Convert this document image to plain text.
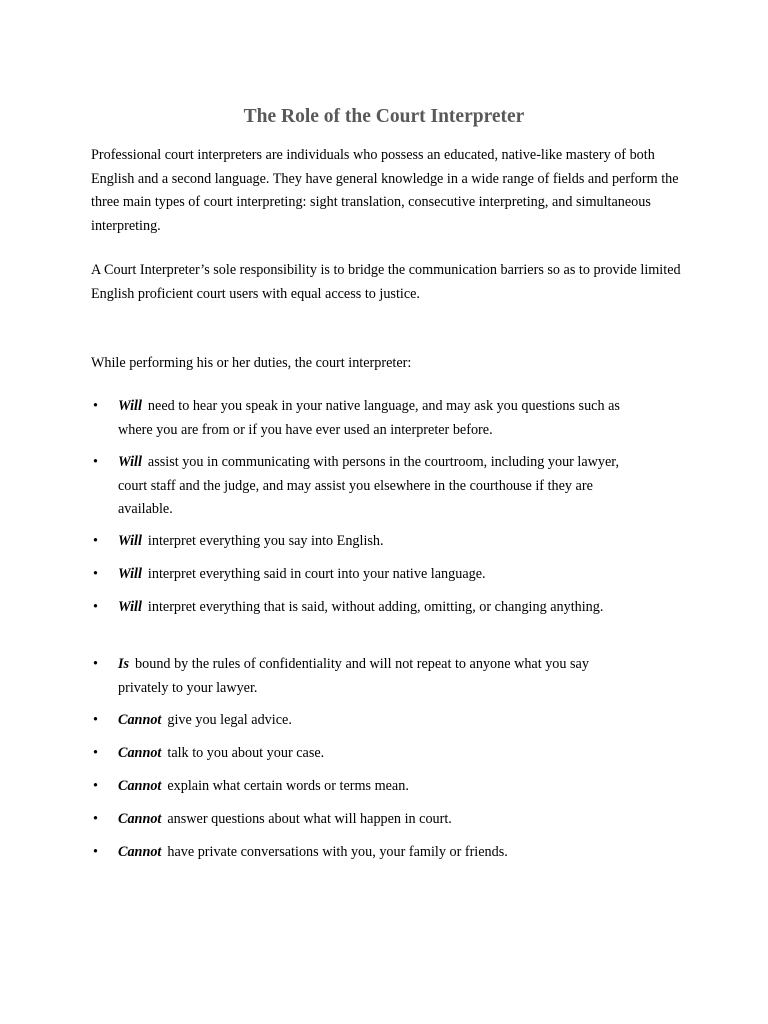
The Role of the Court Interpreter

Professional court interpreters are individuals who possess an educated, native-like mastery of both English and a second language. They have general knowledge in a wide range of fields and perform the three main types of court interpreting: sight translation, consecutive interpreting, and simultaneous interpreting.

A Court Interpreter’s sole responsibility is to bridge the communication barriers so as to provide limited English proficient court users with equal access to justice.

While performing his or her duties, the court interpreter:

•	Will need to hear you speak in your native language, and may ask you questions such as where you are from or if you have ever used an interpreter before.
•	Will assist you in communicating with persons in the courtroom, including your lawyer, court staff and the judge, and may assist you elsewhere in the courthouse if they are available.
•	Will interpret everything you say into English.
•	Will interpret everything said in court into your native language.
•	Will interpret everything that is said, without adding, omitting, or changing anything.
•	Is bound by the rules of confidentiality and will not repeat to anyone what you say privately to your lawyer.
•	Cannot give you legal advice.
•	Cannot talk to you about your case.
•	Cannot explain what certain words or terms mean.
•	Cannot answer questions about what will happen in court.
•	Cannot have private conversations with you, your family or friends.
